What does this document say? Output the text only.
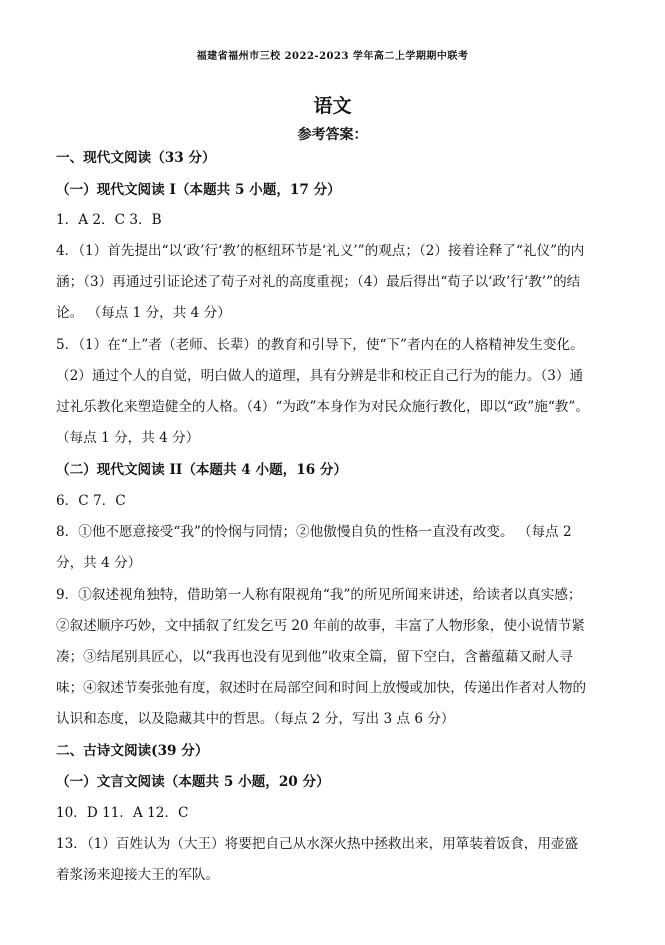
福建省福州市三校 2022-2023 学年高二上学期期中联考
语文
参考答案：
一、现代文阅读（33 分）
（一）现代文阅读 I（本题共 5 小题，17 分）
1．A 2．C 3．B
4．（1）首先提出“以‘政’行‘教’的枢纽环节是‘礼义’”的观点；（2）接着诠释了“礼仪”的内
涵；（3）再通过引证论述了荀子对礼的高度重视；（4）最后得出“荀子以‘政’行‘教’”的结
论。 （每点 1 分，共 4 分）
5．（1）在“上”者（老师、长辈）的教育和引导下，使“下”者内在的人格精神发生变化。
（2）通过个人的自觉，明白做人的道理，具有分辨是非和校正自己行为的能力。（3）通
过礼乐教化来塑造健全的人格。（4）“为政”本身作为对民众施行教化，即以“政”施“教”。
（每点 1 分，共 4 分）
（二）现代文阅读 II（本题共 4 小题，16 分）
6．C 7．C
8．①他不愿意接受“我”的怜悯与同情；②他傲慢自负的性格一直没有改变。 （每点 2
分，共 4 分）
9．①叙述视角独特，借助第一人称有限视角“我”的所见所闻来讲述，给读者以真实感；
②叙述顺序巧妙，文中插叙了红发乞丐 20 年前的故事，丰富了人物形象，使小说情节紧
凑；③结尾别具匠心，以“我再也没有见到他”收束全篇，留下空白，含蓄蕴藉又耐人寻
味；④叙述节奏张弛有度，叙述时在局部空间和时间上放慢或加快，传递出作者对人物的
认识和态度，以及隐藏其中的哲思。（每点 2 分，写出 3 点 6 分）
二、古诗文阅读(39 分）
（一）文言文阅读（本题共 5 小题，20 分）
10．D 11．A 12．C
13．（1）百姓认为（大王）将要把自己从水深火热中拯救出来，用箪装着饭食，用壶盛
着浆汤来迎接大王的军队。
